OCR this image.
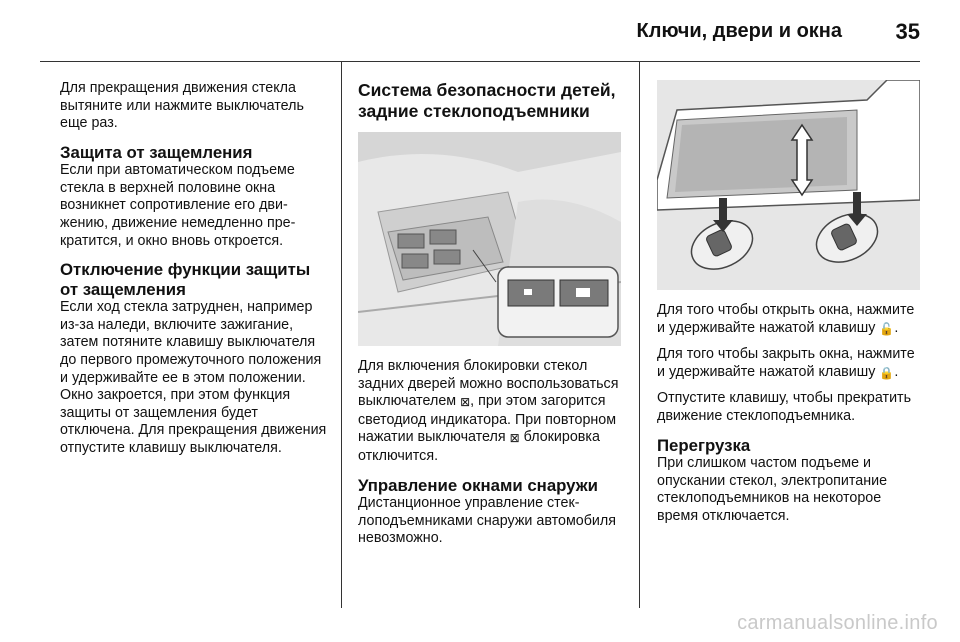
Ключи, двери и окна 35

Для прекращения движения стекла вытяните или нажмите выключатель еще раз.

Защита от защемления

Если при автоматическом подъеме стекла в верхней половине окна возникнет сопротивление его движению, движение немедленно прекратится, и окно вновь откроется.

Отключение функции защиты от защемления

Если ход стекла затруднен, например из-за наледи, включите зажигание, затем потяните клавишу выключателя до первого промежуточного положения и удерживайте ее в этом положении. Окно закроется, при этом функция защиты от защемления будет отключена. Для прекращения движения отпустите клавишу выключателя.

Система безопасности детей, задние стеклоподъемники

Для включения блокировки стекол задних дверей можно воспользоваться выключателем ⊠, при этом загорится светодиод индикатора. При повторном нажатии выключателя ⊠ блокировка отключится.

Управление окнами снаружи

Дистанционное управление стеклоподъемниками снаружи автомобиля невозможно.

Для того чтобы открыть окна, нажмите и удерживайте нажатой клавишу 🔓.

Для того чтобы закрыть окна, нажмите и удерживайте нажатой клавишу 🔒.

Отпустите клавишу, чтобы прекратить движение стеклоподъемника.

Перегрузка

При слишком частом подъеме и опускании стекол, электропитание стеклоподъемников на некоторое время отключается.

carmanualsonline.info
